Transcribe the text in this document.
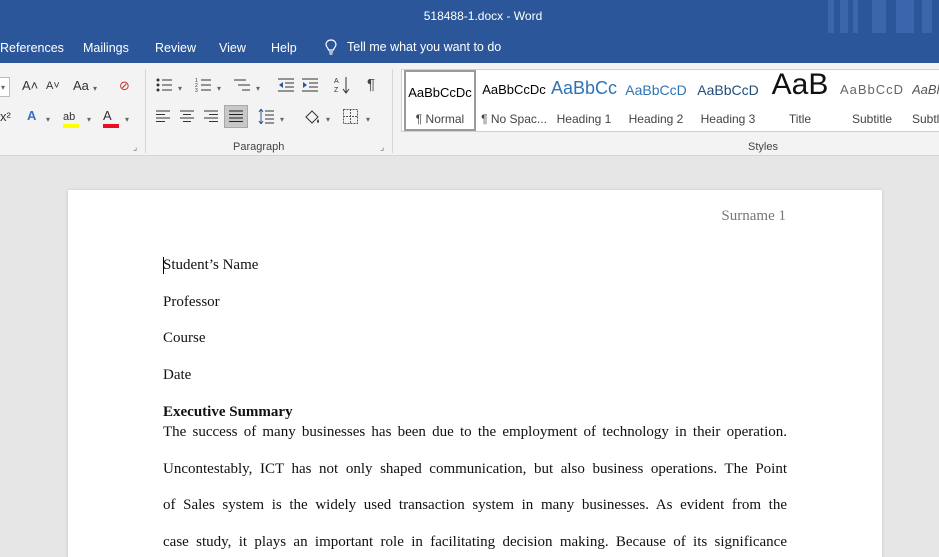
518488-1.docx - Word
References Mailings Review View Help	Tell me what you want to do
▾ A˄ A˅ Aa ▾ ⊘
x² A ▾ ab ▾ A ▾
⌟
▾
1
2
3 ▾	▾
A
Z ¶
▾	▾	▾
Paragraph	⌟
AaBbCcDc
¶ Normal
AaBbCcDc
¶ No Spac...
AaBbCc
Heading 1
AaBbCcD
Heading 2
AaBbCcD
Heading 3
AaB
Title
AaBbCcD
Subtitle
AaBl
Subtl
Styles
Surname 1
Student’s Name
Professor
Course
Date
Executive Summary
The success of many businesses has been due to the employment of technology in their operation.
Uncontestably, ICT has not only shaped communication, but also business operations. The Point
of Sales system is the widely used transaction system in many businesses. As evident from the
case study, it plays an important role in facilitating decision making. Because of its significance
